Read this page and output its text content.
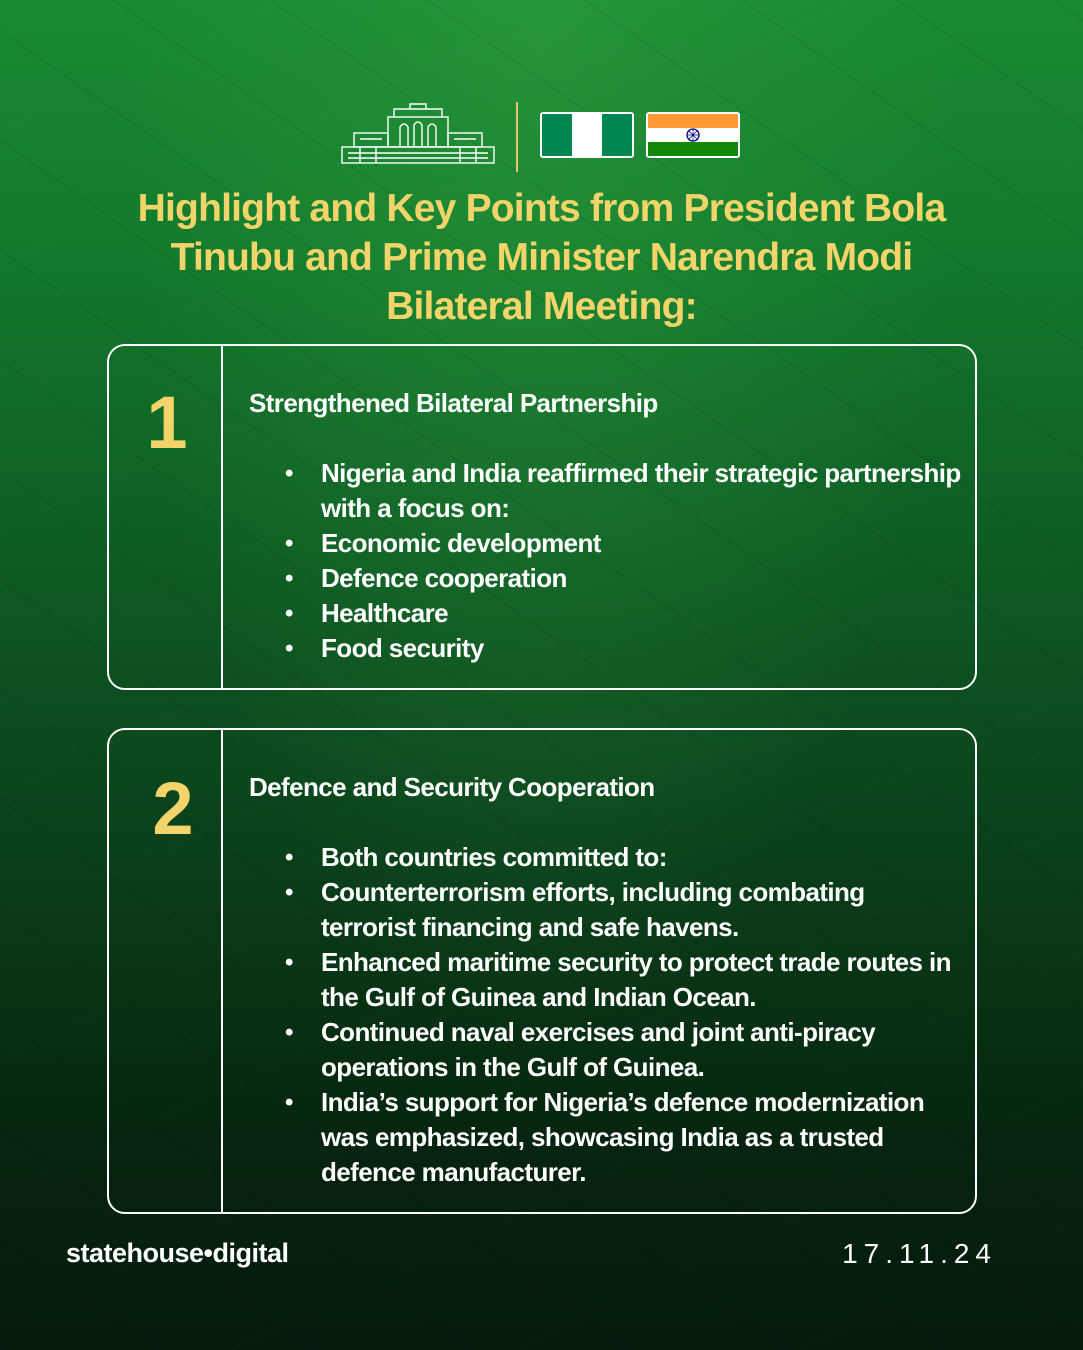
Highlight and Key Points from President Bola Tinubu and Prime Minister Narendra Modi Bilateral Meeting:
1	Strengthened Bilateral Partnership
• Nigeria and India reaffirmed their strategic partnership with a focus on:
• Economic development
• Defence cooperation
• Healthcare
• Food security
2	Defence and Security Cooperation
• Both countries committed to:
• Counterterrorism efforts, including combating terrorist financing and safe havens.
• Enhanced maritime security to protect trade routes in the Gulf of Guinea and Indian Ocean.
• Continued naval exercises and joint anti-piracy operations in the Gulf of Guinea.
• India’s support for Nigeria’s defence modernization was emphasized, showcasing India as a trusted defence manufacturer.
statehouse•digital	17.11.24
